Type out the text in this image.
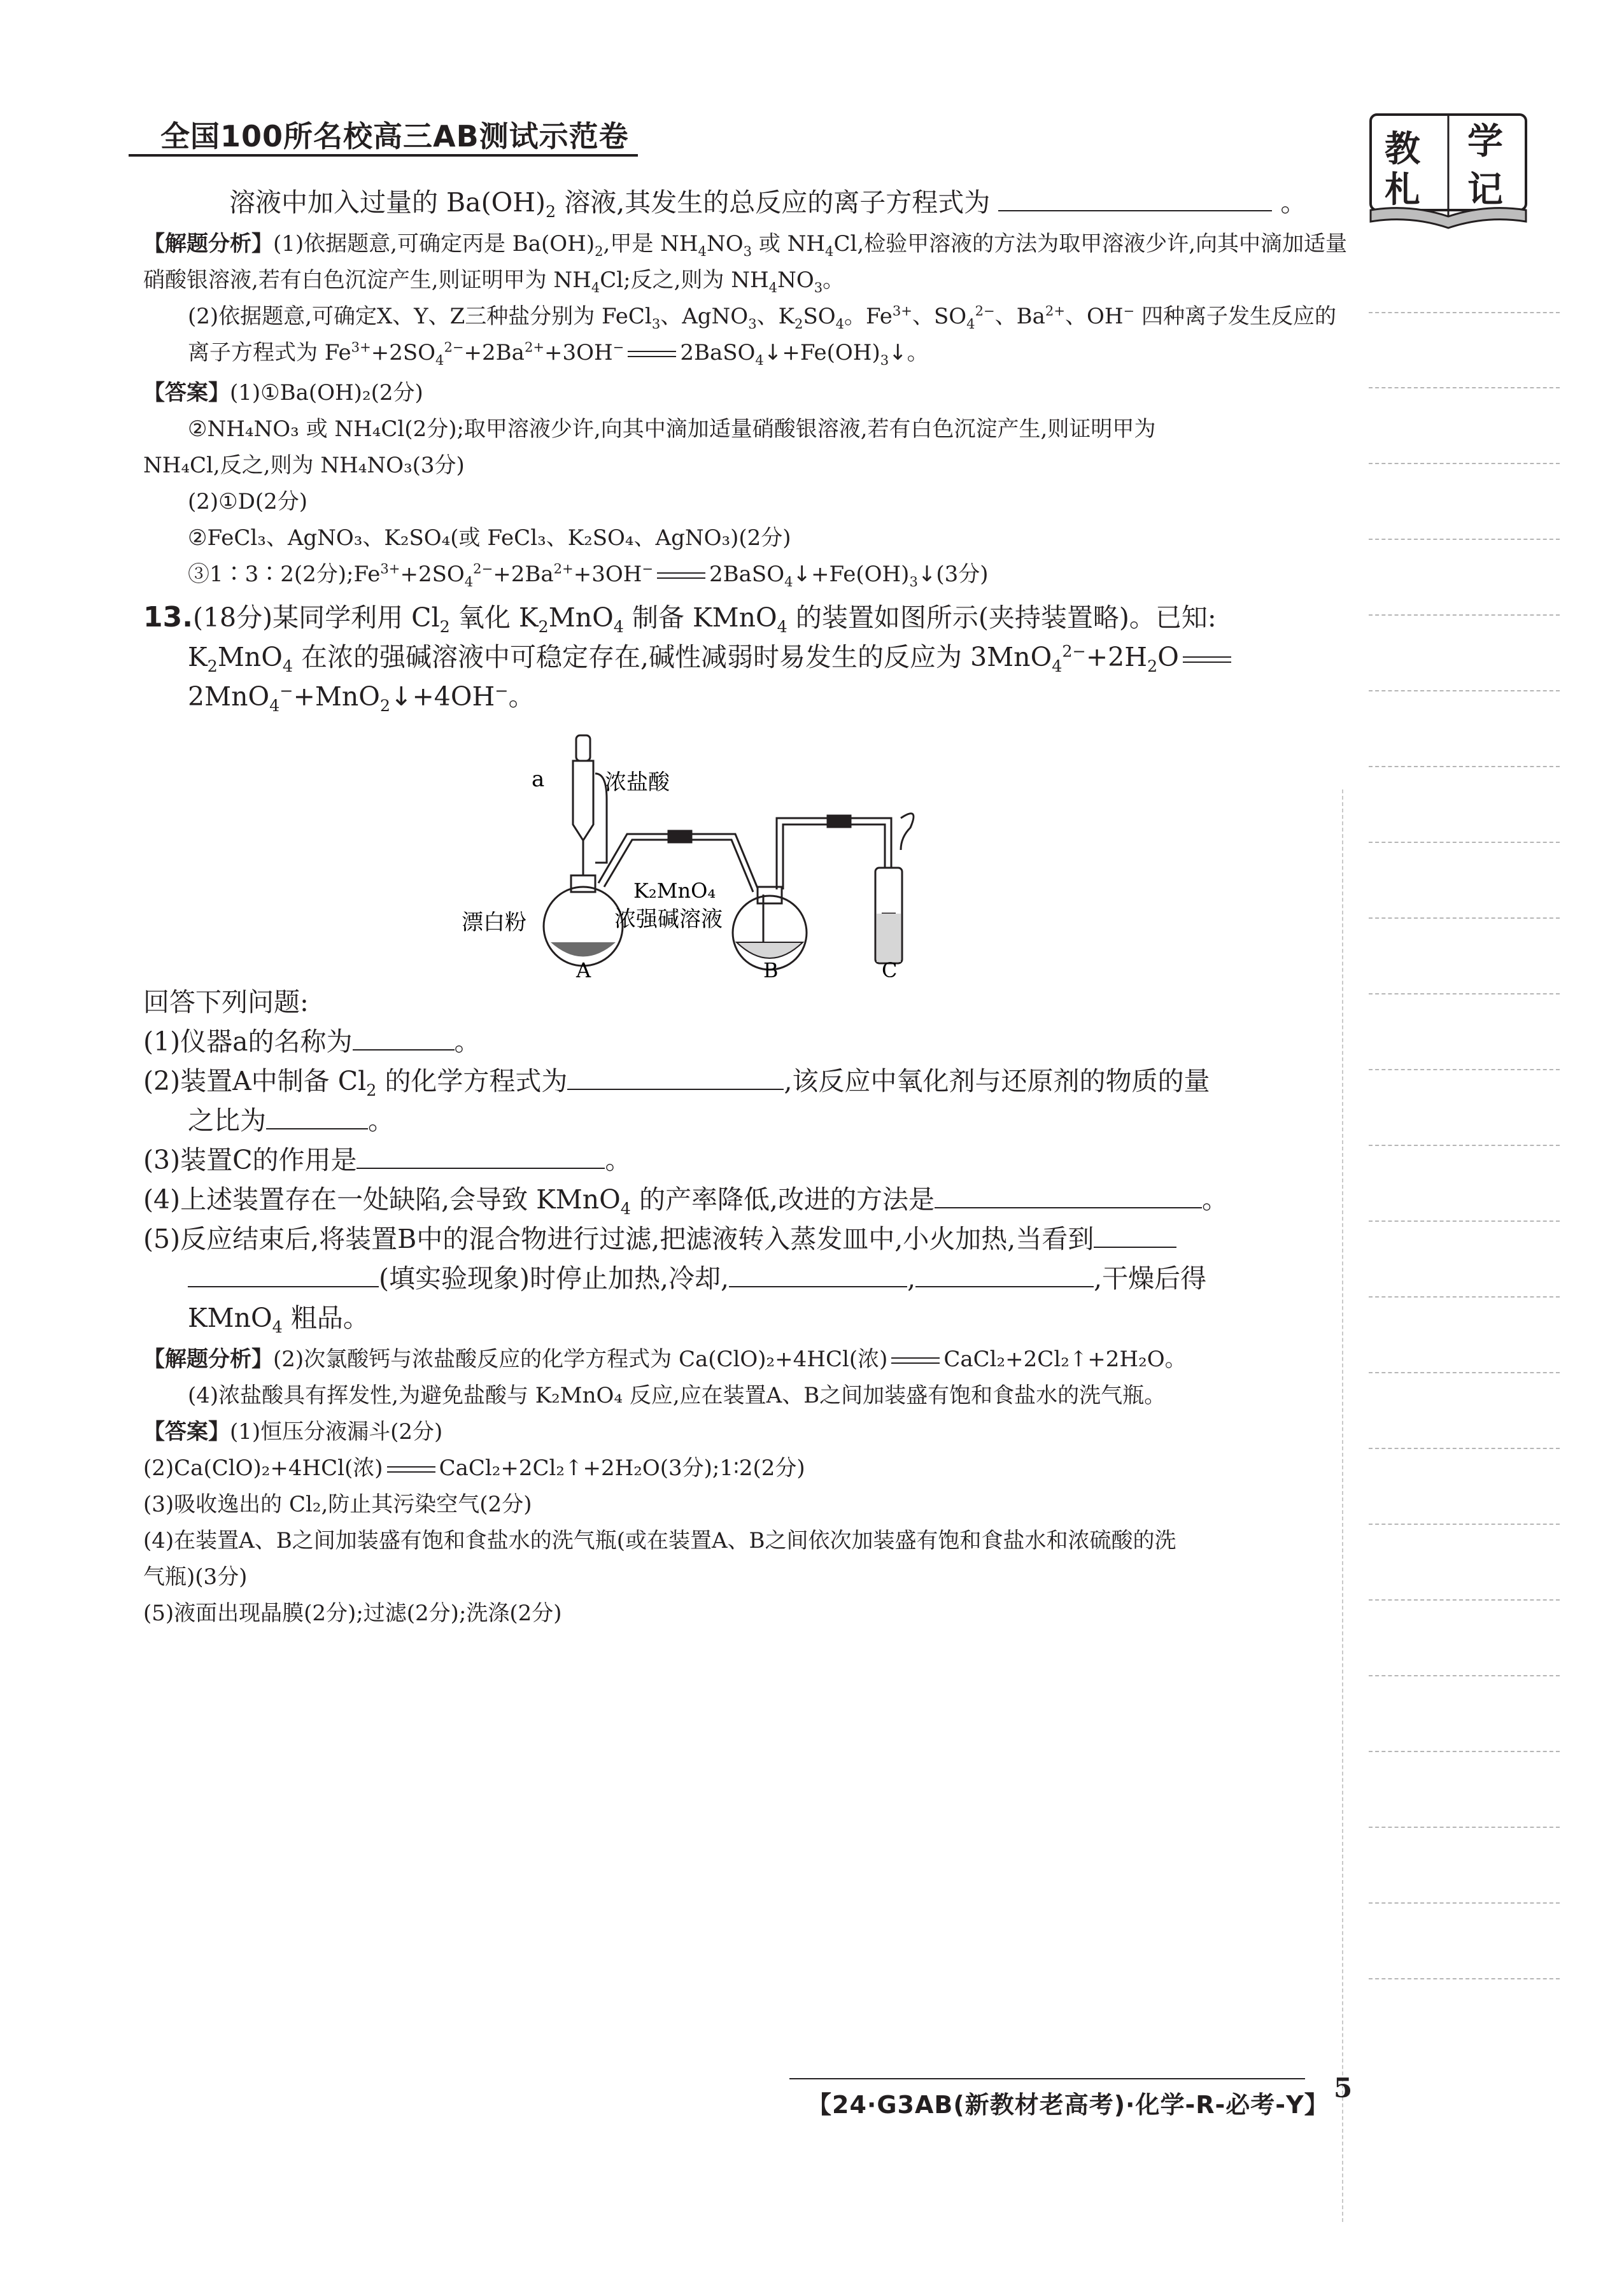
全国100所名校高三AB测试示范卷	教 学
札 记

溶液中加入过量的 $Ba(OH)_2$ 溶液,其发生的总反应的离子方程式为	。

【解题分析】(1)依据题意,可确定丙是 $Ba(OH)_2$,甲是 $NH_4NO_3$ 或 $NH_4Cl$,检验甲溶液的方法为取甲溶液少许,向其中滴加适量硝酸银溶液,若有白色沉淀产生,则证明甲为 $NH_4Cl$;反之,则为 $NH_4NO_3$。

(2)依据题意,可确定X、Y、Z三种盐分别为 FeCl$_3$、AgNO$_3$、$K_2SO_4$。$Fe^{3+}$、$SO_4^{2-}$、$Ba^{2+}$、OH− 四种离子发生反应的离子方程式为 $Fe^{3+}+2SO_4^{2-}+2Ba^{2+}+3OH^-$	$2BaSO_4↓+Fe(OH)_3↓$。

【答案】(1)①Ba(OH)₂(2分)

②NH₄NO₃ 或 NH₄Cl(2分);取甲溶液少许,向其中滴加适量硝酸银溶液,若有白色沉淀产生,则证明甲为

NH₄Cl,反之,则为 NH₄NO₃(3分)

(2)①D(2分)

②FeCl₃、AgNO₃、K₂SO₄(或 FeCl₃、K₂SO₄、AgNO₃)(2分)

③1∶3∶2(2分)$;Fe^{3+}+2SO_4^{2-}+2Ba^{2+}+3OH^-$	$2BaSO_4↓+Fe(OH)_3↓(3$分)

13.(18分)某同学利用 $Cl_2$ 氧化 $K_2MnO_4$ 制备 KMnO$_4$ 的装置如图所示(夹持装置略)。已知:

$K_2MnO_4$ 在浓的强碱溶液中可稳定存在,碱性减弱时易发生的反应为 $3MnO_4^{2-}+2H_2O$

2MnO$_4$−+MnO$_2$↓+4OH−。

a	浓盐酸
漂白粉
K₂MnO₄
浓强碱溶液
A	B	C

回答下列问题:

(1)仪器a的名称为	。

(2)装置A中制备 $Cl_2$ 的化学方程式为	,该反应中氧化剂与还原剂的物质的量

之比为	。

(3)装置C的作用是	。

(4)上述装置存在一处缺陷,会导致 KMnO$_4$ 的产率降低,改进的方法是	。

(5)反应结束后,将装置B中的混合物进行过滤,把滤液转入蒸发皿中,小火加热,当看到

(填实验现象)时停止加热,冷却,	,	,干燥后得

KMnO$_4$ 粗品。

【解题分析】(2)次氯酸钙与浓盐酸反应的化学方程式为 Ca(ClO)₂+4HCl(浓)	CaCl₂+2Cl₂↑+2H₂O。

(4)浓盐酸具有挥发性,为避免盐酸与 K₂MnO₄ 反应,应在装置A、B之间加装盛有饱和食盐水的洗气瓶。

【答案】(1)恒压分液漏斗(2分)

(2)Ca(ClO)₂+4HCl(浓)	CaCl₂+2Cl₂↑+2H₂O(3分);1∶2(2分)

(3)吸收逸出的 Cl₂,防止其污染空气(2分)

(4)在装置A、B之间加装盛有饱和食盐水的洗气瓶(或在装置A、B之间依次加装盛有饱和食盐水和浓硫酸的洗

气瓶)(3分)

(5)液面出现晶膜(2分);过滤(2分);洗涤(2分)

【24·G3AB(新教材老高考)·化学-R-必考-Y】
5
